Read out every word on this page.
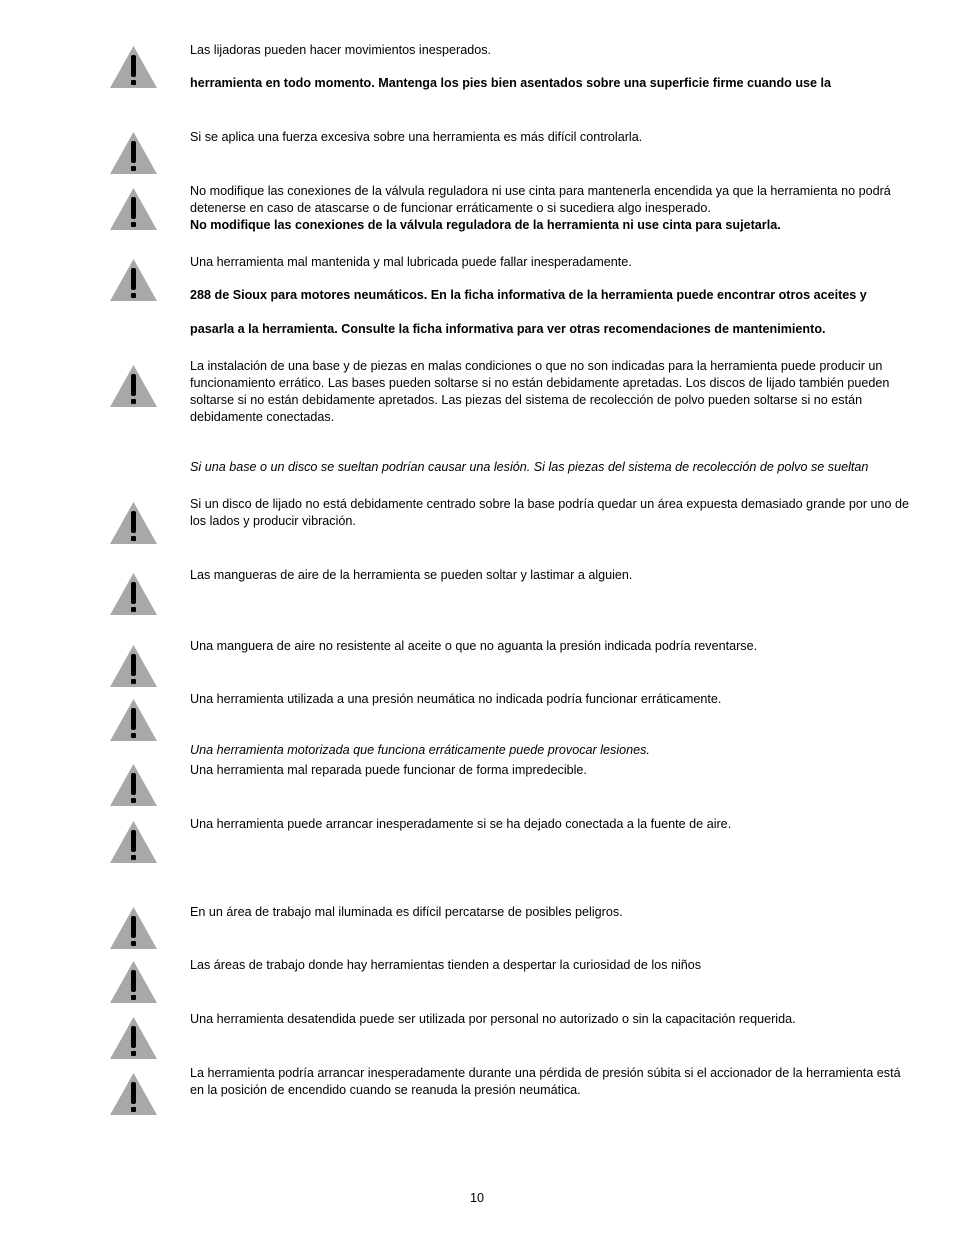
Las lijadoras pueden hacer movimientos inesperados.
herramienta en todo momento. Mantenga los pies bien asentados sobre una superficie firme cuando use la
Si se aplica una fuerza excesiva sobre una herramienta es más difícil controlarla.
No modifique las conexiones de la válvula reguladora ni use cinta para mantenerla encendida ya que la herramienta no podrá detenerse en caso de atascarse o de funcionar erráticamente o si sucediera algo inesperado.
No modifique las conexiones de la válvula reguladora de la herramienta ni use cinta para sujetarla.
Una herramienta mal mantenida y mal lubricada puede fallar inesperadamente.
288 de Sioux para motores neumáticos. En la ficha informativa de la herramienta puede encontrar otros aceites y
pasarla a la herramienta. Consulte la ficha informativa para ver otras recomendaciones de mantenimiento.
La instalación de una base y de piezas en malas condiciones o que no son indicadas para la herramienta puede producir un funcionamiento errático. Las bases pueden soltarse si no están debidamente apretadas. Los discos de lijado también pueden soltarse si no están debidamente apretados. Las piezas del sistema de recolección de polvo pueden soltarse si no están debidamente conectadas.
Si una base o un disco se sueltan podrían causar una lesión. Si las piezas del sistema de recolección de polvo se sueltan
Si un disco de lijado no está debidamente centrado sobre la base podría quedar un área expuesta demasiado grande por uno de los lados y producir vibración.
Las mangueras de aire de la herramienta se pueden soltar y lastimar a alguien.
Una manguera de aire no resistente al aceite o que no aguanta la presión indicada podría reventarse.
Una herramienta utilizada a una presión neumática no indicada podría funcionar erráticamente.
Una herramienta motorizada que funciona erráticamente puede provocar lesiones.
Una herramienta mal reparada puede funcionar de forma impredecible.
Una herramienta puede arrancar inesperadamente si se ha dejado conectada a la fuente de aire.
En un área de trabajo mal iluminada es difícil percatarse de posibles peligros.
Las áreas de trabajo donde hay herramientas tienden a despertar la curiosidad de los niños
Una herramienta desatendida puede ser utilizada por personal no autorizado o sin la capacitación requerida.
La herramienta podría arrancar inesperadamente durante una pérdida de presión súbita si el accionador de la herramienta está en la posición de encendido cuando se reanuda la presión neumática.
10
